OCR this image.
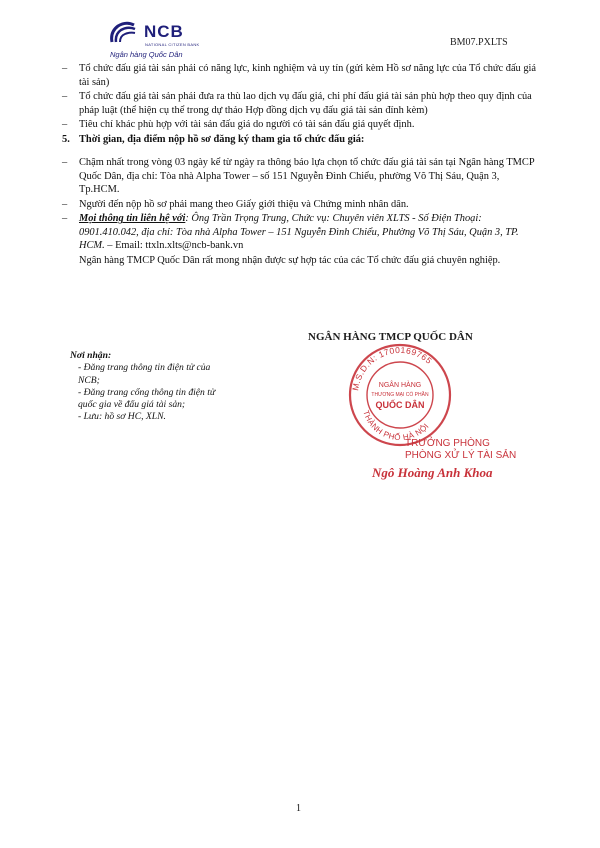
NCB
NATIONAL CITIZEN BANK
Ngân hàng Quốc Dân
BM07.PXLTS

– Tổ chức đấu giá tài sản phải có năng lực, kinh nghiệm và uy tín (gửi kèm Hồ sơ năng lực của Tổ chức đấu giá tài sản)

– Tổ chức đấu giá tài sản phải đưa ra thù lao dịch vụ đấu giá, chi phí đấu giá tài sản phù hợp theo quy định của pháp luật (thể hiện cụ thể trong dự thảo Hợp đồng dịch vụ đấu giá tài sản đính kèm)

– Tiêu chí khác phù hợp với tài sản đấu giá do người có tài sản đấu giá quyết định.

5. Thời gian, địa điểm nộp hồ sơ đăng ký tham gia tổ chức đấu giá:

– Chậm nhất trong vòng 03 ngày kể từ ngày ra thông báo lựa chọn tổ chức đấu giá tài sản tại Ngân hàng TMCP Quốc Dân, địa chỉ: Tòa nhà Alpha Tower – số 151 Nguyễn Đình Chiểu, phường Võ Thị Sáu, Quận 3, Tp.HCM.

– Người đến nộp hồ sơ phải mang theo Giấy giới thiệu và Chứng minh nhân dân.

– Mọi thông tin liên hệ với: Ông Trần Trọng Trung, Chức vụ: Chuyên viên XLTS - Số Điện Thoại: 0901.410.042, địa chỉ: Tòa nhà Alpha Tower – 151 Nguyễn Đình Chiểu, Phường Võ Thị Sáu, Quận 3, TP. HCM. – Email: ttxln.xlts@ncb-bank.vn

Ngân hàng TMCP Quốc Dân rất mong nhận được sự hợp tác của các Tổ chức đấu giá chuyên nghiệp.

Nơi nhận:
- Đăng trang thông tin điện tử của NCB;
- Đăng trang cổng thông tin điện tử quốc gia về đấu giá tài sản;
- Lưu: hồ sơ HC, XLN.
NGÂN HÀNG TMCP QUỐC DÂN
M.S.D.N: 1700169765
THÀNH PHỐ HÀ NỘI
NGÂN HÀNG
THƯƠNG MẠI CỔ PHẦN
QUỐC DÂN
TRƯỞNG PHÒNG
PHÒNG XỬ LÝ TÀI SẢN
Ngô Hoàng Anh Khoa
1
